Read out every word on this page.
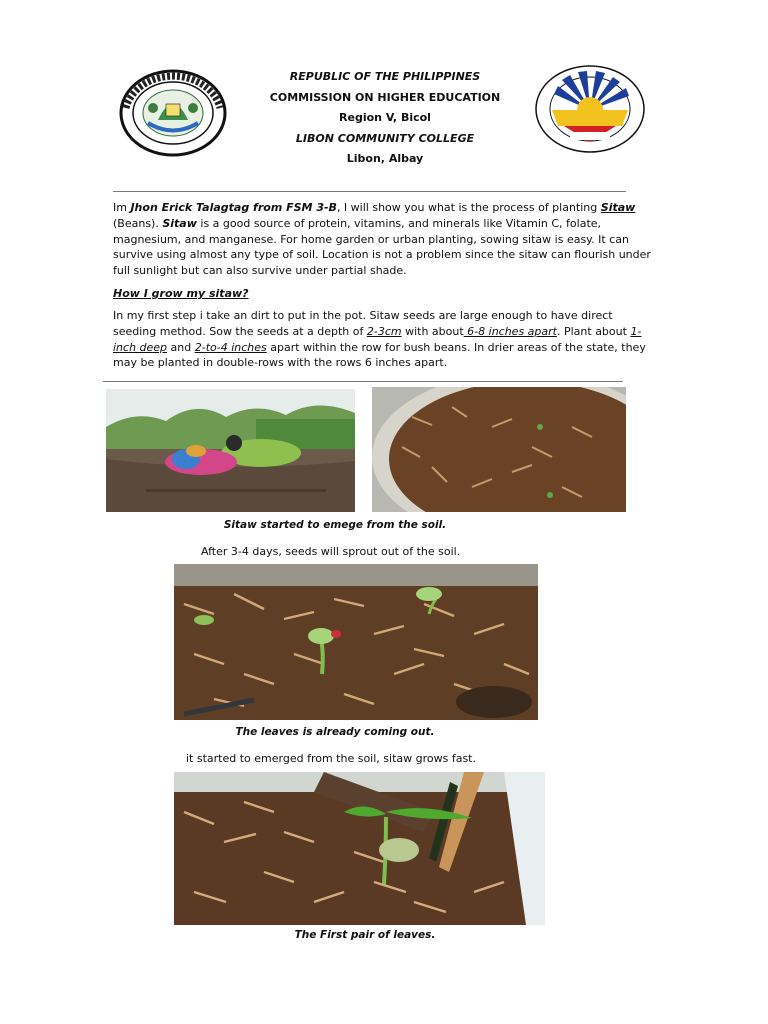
REPUBLIC OF THE PHILIPPINES
COMMISSION ON HIGHER EDUCATION
Region V, Bicol
LIBON COMMUNITY COLLEGE
Libon, Albay
Im Jhon Erick Talagtag from FSM 3-B, I will show you what is the process of planting Sitaw (Beans). Sitaw is a good source of protein, vitamins, and minerals like Vitamin C, folate, magnesium, and manganese. For home garden or urban planting, sowing sitaw is easy. It can survive using almost any type of soil. Location is not a problem since the sitaw can flourish under full sunlight but can also survive under partial shade.
How I grow my sitaw?
In my first step i take an dirt to put in the pot. Sitaw seeds are large enough to have direct seeding method. Sow the seeds at a depth of 2-3cm with about 6-8 inches apart. Plant about 1-inch deep and 2-to-4 inches apart within the row for bush beans. In drier areas of the state, they may be planted in double-rows with the rows 6 inches apart.
Sitaw started to emege from the soil.
After 3-4 days, seeds will sprout out of the soil.
The leaves is already coming out.
it started to emerged from the soil, sitaw grows fast.
The First pair of leaves.
